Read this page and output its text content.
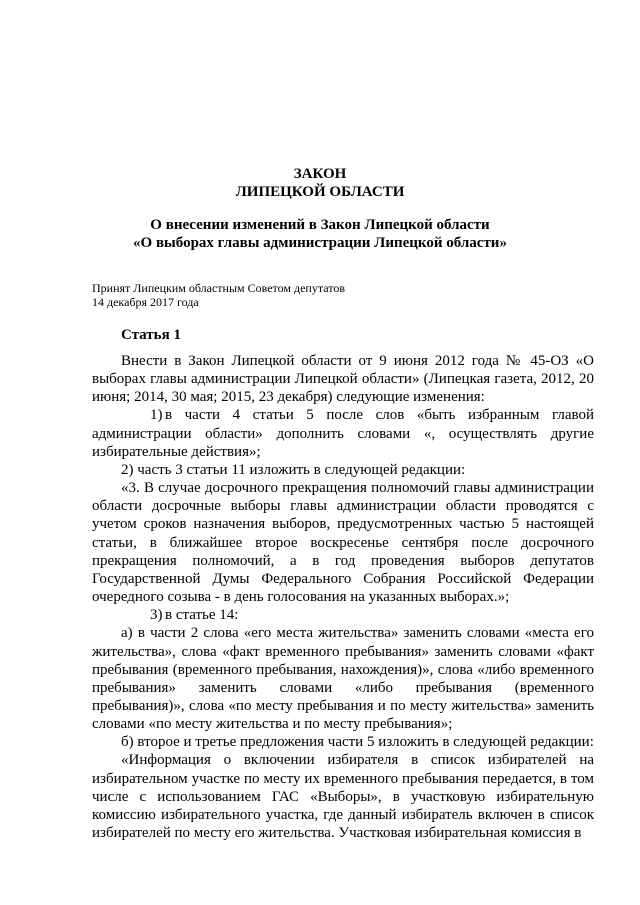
ЗАКОН
ЛИПЕЦКОЙ ОБЛАСТИ
О внесении изменений в Закон Липецкой области
«О выборах главы администрации Липецкой области»
Принят Липецким областным Советом депутатов
14 декабря 2017 года
Статья 1

Внести в Закон Липецкой области от 9 июня 2012 года № 45-ОЗ «О выборах главы администрации Липецкой области» (Липецкая газета, 2012, 20 июня; 2014, 30 мая; 2015, 23 декабря) следующие изменения:

1) в части 4 статьи 5 после слов «быть избранным главой администрации области» дополнить словами «, осуществлять другие избирательные действия»;

2) часть 3 статьи 11 изложить в следующей редакции:

«3. В случае досрочного прекращения полномочий главы администрации области досрочные выборы главы администрации области проводятся с учетом сроков назначения выборов, предусмотренных частью 5 настоящей статьи, в ближайшее второе воскресенье сентября после досрочного прекращения полномочий, а в год проведения выборов депутатов Государственной Думы Федерального Собрания Российской Федерации очередного созыва - в день голосования на указанных выборах.»;

3) в статье 14:

а) в части 2 слова «его места жительства» заменить словами «места его жительства», слова «факт временного пребывания» заменить словами «факт пребывания (временного пребывания, нахождения)», слова «либо временного пребывания» заменить словами «либо пребывания (временного пребывания)», слова «по месту пребывания и по месту жительства» заменить словами «по месту жительства и по месту пребывания»;

б) второе и третье предложения части 5 изложить в следующей редакции:

«Информация о включении избирателя в список избирателей на избирательном участке по месту их временного пребывания передается, в том числе с использованием ГАС «Выборы», в участковую избирательную комиссию избирательного участка, где данный избиратель включен в список избирателей по месту его жительства. Участковая избирательная комиссия в
